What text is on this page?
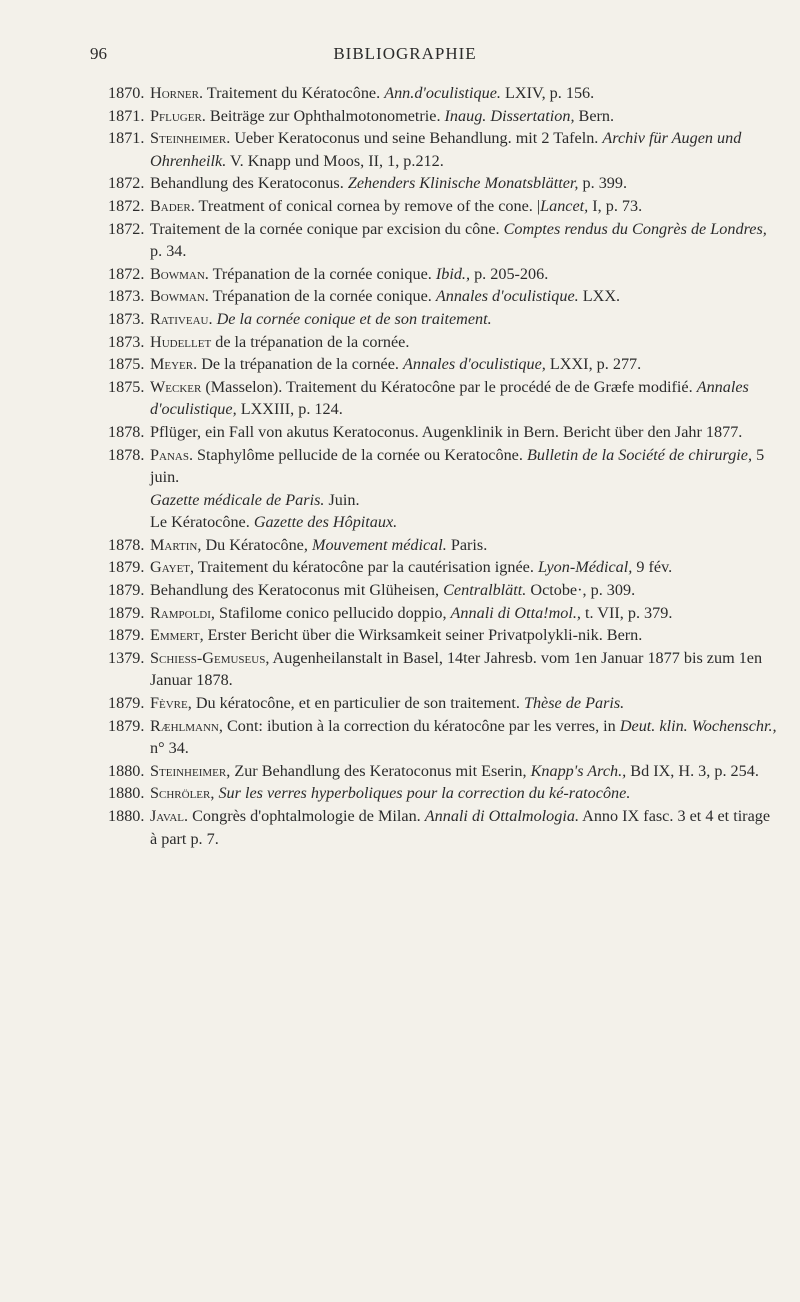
96	BIBLIOGRAPHIE
1870. Horner. Traitement du Kératocône. Ann.d'oculistique. LXIV, p. 156.
1871. Pfluger. Beiträge zur Ophthalmotonometrie. Inaug. Dissertation, Bern.
1871. Steinheimer. Ueber Keratoconus und seine Behandlung. mit 2 Tafeln. Archiv für Augen und Ohrenheilk. V. Knapp und Moos, II, 1, p.212.
1872. Behandlung des Keratoconus. Zehenders Klinische Monatsblätter, p. 399.
1872. Bader. Treatment of conical cornea by remove of the cone. |Lancet, I, p. 73.
1872. Traitement de la cornée conique par excision du cône. Comptes rendus du Congrès de Londres, p. 34.
1872. Bowman. Trépanation de la cornée conique. Ibid., p. 205-206.
1873. Bowman. Trépanation de la cornée conique. Annales d'oculistique. LXX.
1873. Rativeau. De la cornée conique et de son traitement.
1873. Hudellet de la trépanation de la cornée.
1875. Meyer. De la trépanation de la cornée. Annales d'oculistique, LXXI, p. 277.
1875. Wecker (Masselon). Traitement du Kératocône par le procédé de de Græfe modifié. Annales d'oculistique, LXXIII, p. 124.
1878. Pflüger, ein Fall von akutus Keratoconus. Augenklinik in Bern. Bericht über den Jahr 1877.
1878. Panas. Staphylôme pellucide de la cornée ou Keratocône. Bulletin de la Société de chirurgie, 5 juin.
Gazette médicale de Paris. Juin.
Le Kératocône. Gazette des Hôpitaux.
1878. Martin, Du Kératocône, Mouvement médical. Paris.
1879. Gayet, Traitement du kératocône par la cautérisation ignée. Lyon-Médical, 9 fév.
1879. Behandlung des Keratoconus mit Glüheisen, Centralblätt. Octobe·, p. 309.
1879. Rampoldi, Stafilome conico pellucido doppio, Annali di Otta!mol., t. VII, p. 379.
1879. Emmert, Erster Bericht über die Wirksamkeit seiner Privatpolykli-nik. Bern.
1379. Schiess-Gemuseus, Augenheilanstalt in Basel, 14ter Jahresb. vom 1en Januar 1877 bis zum 1en Januar 1878.
1879. Fèvre, Du kératocône, et en particulier de son traitement. Thèse de Paris.
1879. Ræhlmann, Cont: ibution à la correction du kératocône par les verres, in Deut. klin. Wochenschr., n° 34.
1880. Steinheimer, Zur Behandlung des Keratoconus mit Eserin, Knapp's Arch., Bd IX, H. 3, p. 254.
1880. Schröler, Sur les verres hyperboliques pour la correction du ké-ratocône.
1880. Javal. Congrès d'ophtalmologie de Milan. Annali di Ottalmologia. Anno IX fasc. 3 et 4 et tirage à part p. 7.
